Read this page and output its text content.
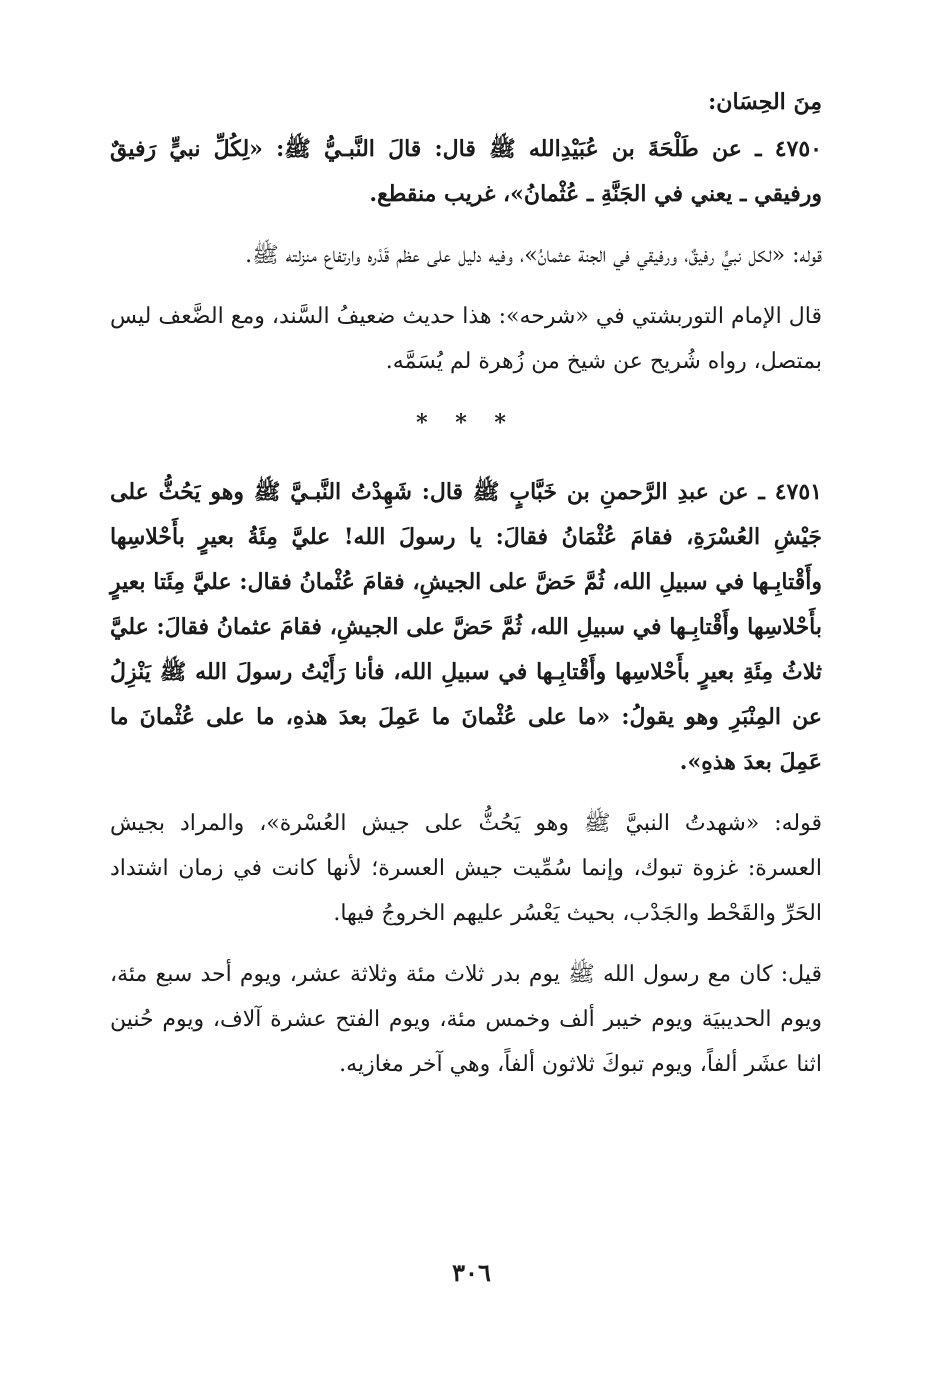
مِنَ الحِسَان:

٤٧٥٠ ـ عن طَلْحَةَ بن عُبَيْدِالله ﷺ قال: قالَ النَّبـيُّ ﷺ: «لِكُلِّ نبيٍّ رَفيقٌ ورفيقي ـ يعني في الجَنَّةِ ـ عُثْمانُ»، غريب منقطع.

قوله: «لكل نبيٍّ رفيقٌ، ورفيقي في الجنة عثمانُ»، وفيه دليل على عظم قَدْره وارتفاع منزلته ﷺ.

قال الإمام التوربشتي في «شرحه»: هذا حديث ضعيفُ السَّند، ومع الضَّعف ليس بمتصل، رواه شُريح عن شيخ من زُهرة لم يُسَمَّه.

* * *

٤٧٥١ ـ عن عبدِ الرَّحمنِ بن خَبَّابٍ ﷺ قال: شَهِدْتُ النَّبـيَّ ﷺ وهو يَحُثُّ على جَيْشِ العُسْرَةِ، فقامَ عُثْمَانُ فقالَ: يا رسولَ الله! عليَّ مِئَةُ بعيرٍ بأَحْلاسِها وأَقْتابِـها في سبيلِ الله، ثُمَّ حَضَّ على الجيشِ، فقامَ عُثْمانُ فقال: عليَّ مِئَتا بعيرٍ بأَحْلاسِها وأَقْتابِـها في سبيلِ الله، ثُمَّ حَضَّ على الجيشِ، فقامَ عثمانُ فقالَ: عليَّ ثلاثُ مِئَةِ بعيرٍ بأَحْلاسِها وأَقْتابِـها في سبيلِ الله، فأنا رَأَيْتُ رسولَ الله ﷺ يَنْزِلُ عن المِنْبَرِ وهو يقولُ: «ما على عُثْمانَ ما عَمِلَ بعدَ هذهِ، ما على عُثْمانَ ما عَمِلَ بعدَ هذهِ».

قوله: «شهدتُ النبيَّ ﷺ وهو يَحُثُّ على جيش العُسْرة»، والمراد بجيش العسرة: غزوة تبوك، وإنما سُمِّيت جيش العسرة؛ لأنها كانت في زمان اشتداد الحَرِّ والقَحْط والجَدْب، بحيث يَعْسُر عليهم الخروجُ فيها.

قيل: كان مع رسول الله ﷺ يوم بدر ثلاث مئة وثلاثة عشر، ويوم أحد سبع مئة، ويوم الحديبيَة ويوم خيبر ألف وخمس مئة، ويوم الفتح عشرة آلاف، ويوم حُنين اثنا عشَر ألفاً، ويوم تبوكَ ثلاثون ألفاً، وهي آخر مغازيه.

٣٠٦
